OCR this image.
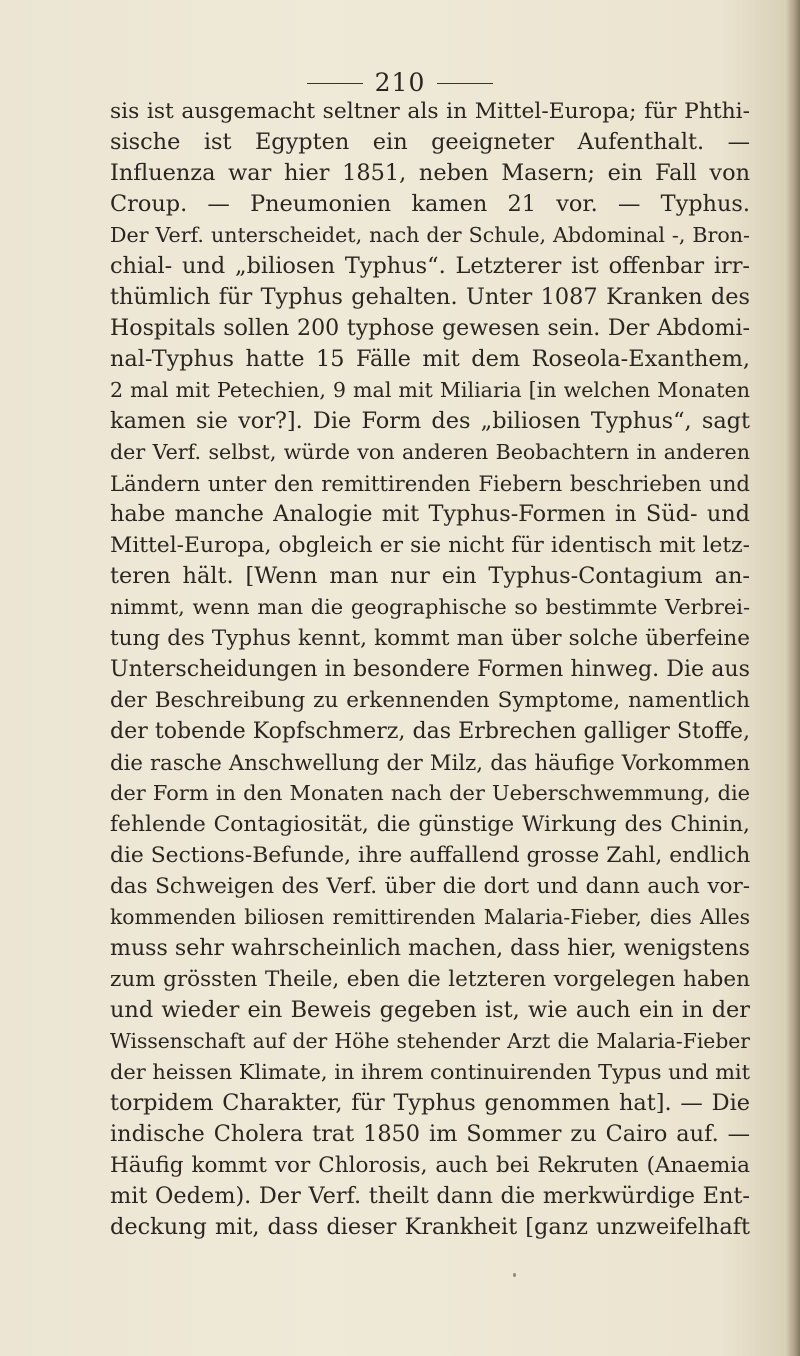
210
sis ist ausgemacht seltner als in Mittel-Europa; für Phthi-
sische ist Egypten ein geeigneter Aufenthalt. —
Influenza war hier 1851, neben Masern; ein Fall von
Croup. — Pneumonien kamen 21 vor. — Typhus.
Der Verf. unterscheidet, nach der Schule, Abdominal -, Bron-
chial- und „biliosen Typhus“. Letzterer ist offenbar irr-
thümlich für Typhus gehalten. Unter 1087 Kranken des
Hospitals sollen 200 typhose gewesen sein. Der Abdomi-
nal-Typhus hatte 15 Fälle mit dem Roseola-Exanthem,
2 mal mit Petechien, 9 mal mit Miliaria [in welchen Monaten
kamen sie vor?]. Die Form des „biliosen Typhus“, sagt
der Verf. selbst, würde von anderen Beobachtern in anderen
Ländern unter den remittirenden Fiebern beschrieben und
habe manche Analogie mit Typhus-Formen in Süd- und
Mittel-Europa, obgleich er sie nicht für identisch mit letz-
teren hält. [Wenn man nur ein Typhus-Contagium an-
nimmt, wenn man die geographische so bestimmte Verbrei-
tung des Typhus kennt, kommt man über solche überfeine
Unterscheidungen in besondere Formen hinweg. Die aus
der Beschreibung zu erkennenden Symptome, namentlich
der tobende Kopfschmerz, das Erbrechen galliger Stoffe,
die rasche Anschwellung der Milz, das häufige Vorkommen
der Form in den Monaten nach der Ueberschwemmung, die
fehlende Contagiosität, die günstige Wirkung des Chinin,
die Sections-Befunde, ihre auffallend grosse Zahl, endlich
das Schweigen des Verf. über die dort und dann auch vor-
kommenden biliosen remittirenden Malaria-Fieber, dies Alles
muss sehr wahrscheinlich machen, dass hier, wenigstens
zum grössten Theile, eben die letzteren vorgelegen haben
und wieder ein Beweis gegeben ist, wie auch ein in der
Wissenschaft auf der Höhe stehender Arzt die Malaria-Fieber
der heissen Klimate, in ihrem continuirenden Typus und mit
torpidem Charakter, für Typhus genommen hat]. — Die
indische Cholera trat 1850 im Sommer zu Cairo auf. —
Häufig kommt vor Chlorosis, auch bei Rekruten (Anaemia
mit Oedem). Der Verf. theilt dann die merkwürdige Ent-
deckung mit, dass dieser Krankheit [ganz unzweifelhaft
